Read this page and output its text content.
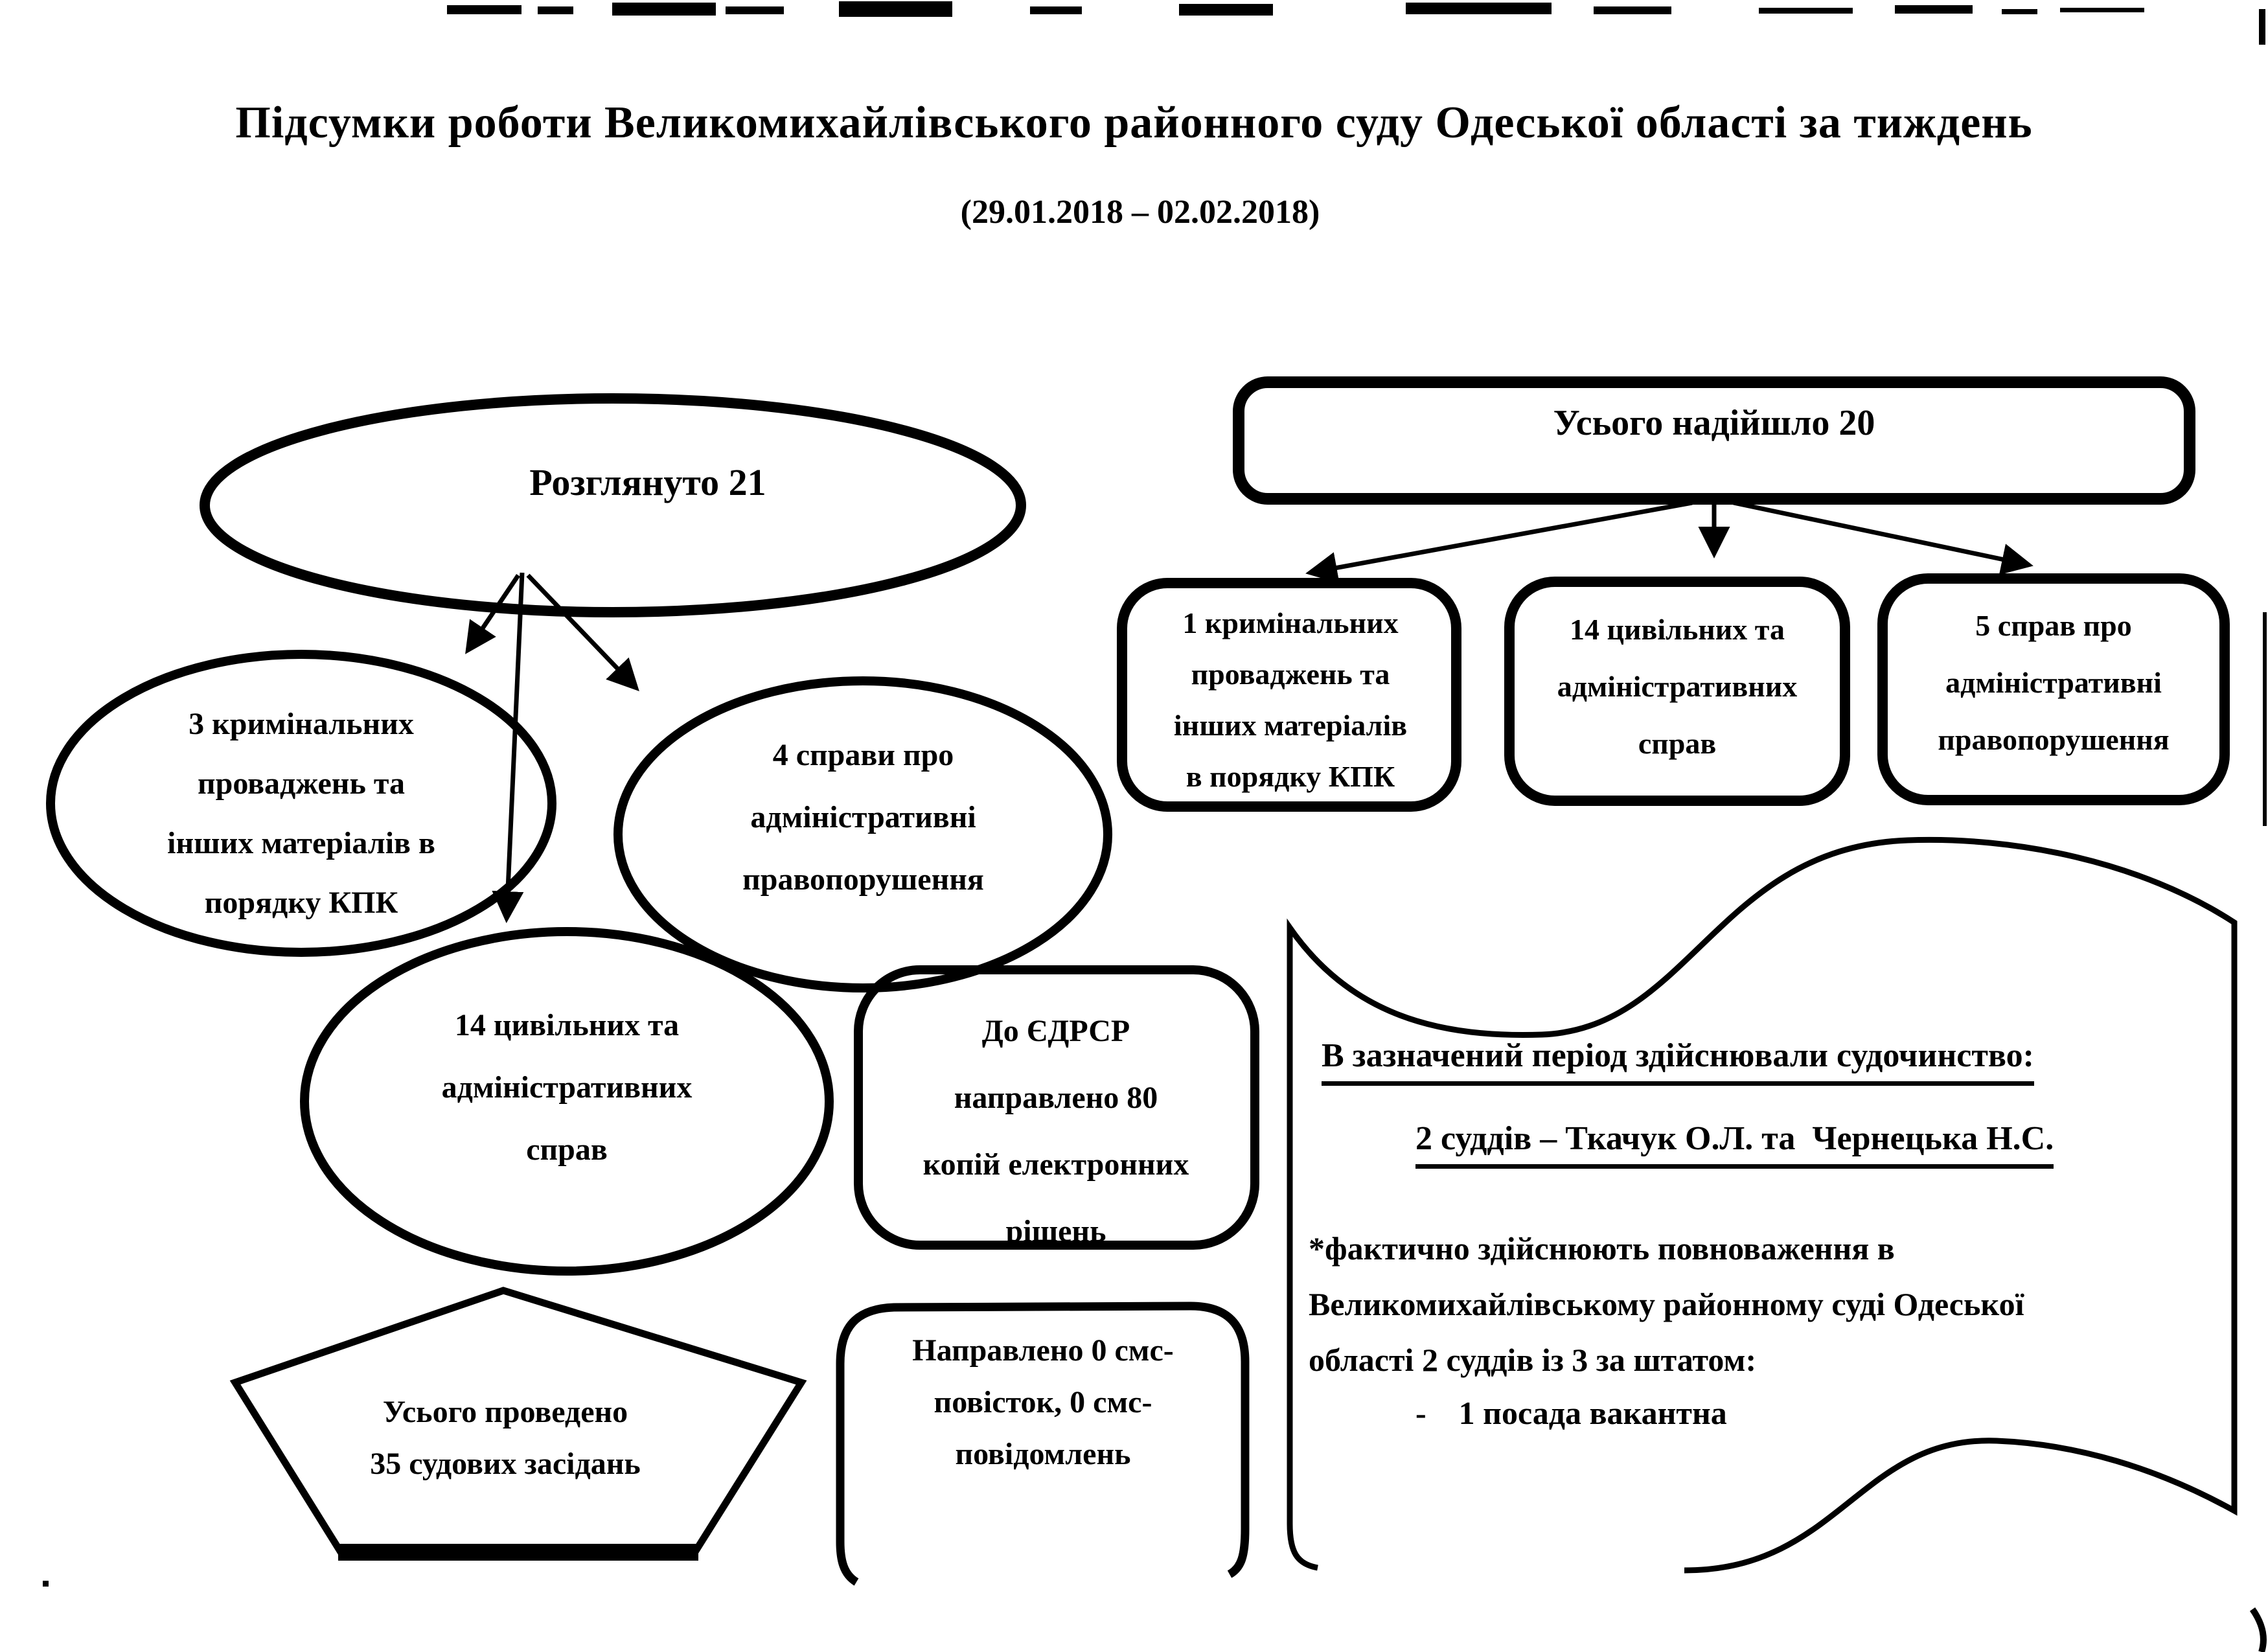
Підсумки роботи Великомихайлівського районного суду Одеської області за тиждень
(29.01.2018 – 02.02.2018)
Розглянуто 21
3 кримінальних
проваджень та
інших матеріалів в
порядку КПК
4 справи про
адміністративні
правопорушення
14 цивільних та
адміністративних
справ
Усього надійшло 20
1 кримінальних
проваджень та
інших матеріалів
в порядку КПК
14 цивільних та
адміністративних
справ
5 справ про
адміністративні
правопорушення
До ЄДРСР
направлено 80
копій електронних
рішень
Усього проведено
35 судових засідань
Направлено 0 смс-
повісток, 0 смс-
повідомлень
В зазначений період здійснювали судочинство:
2 суддів – Ткачук О.Л. та  Чернецька Н.С.
*фактично здійснюють повноваження в
Великомихайлівському районному суді Одеської
області 2 суддів із 3 за штатом:
-    1 посада вакантна
